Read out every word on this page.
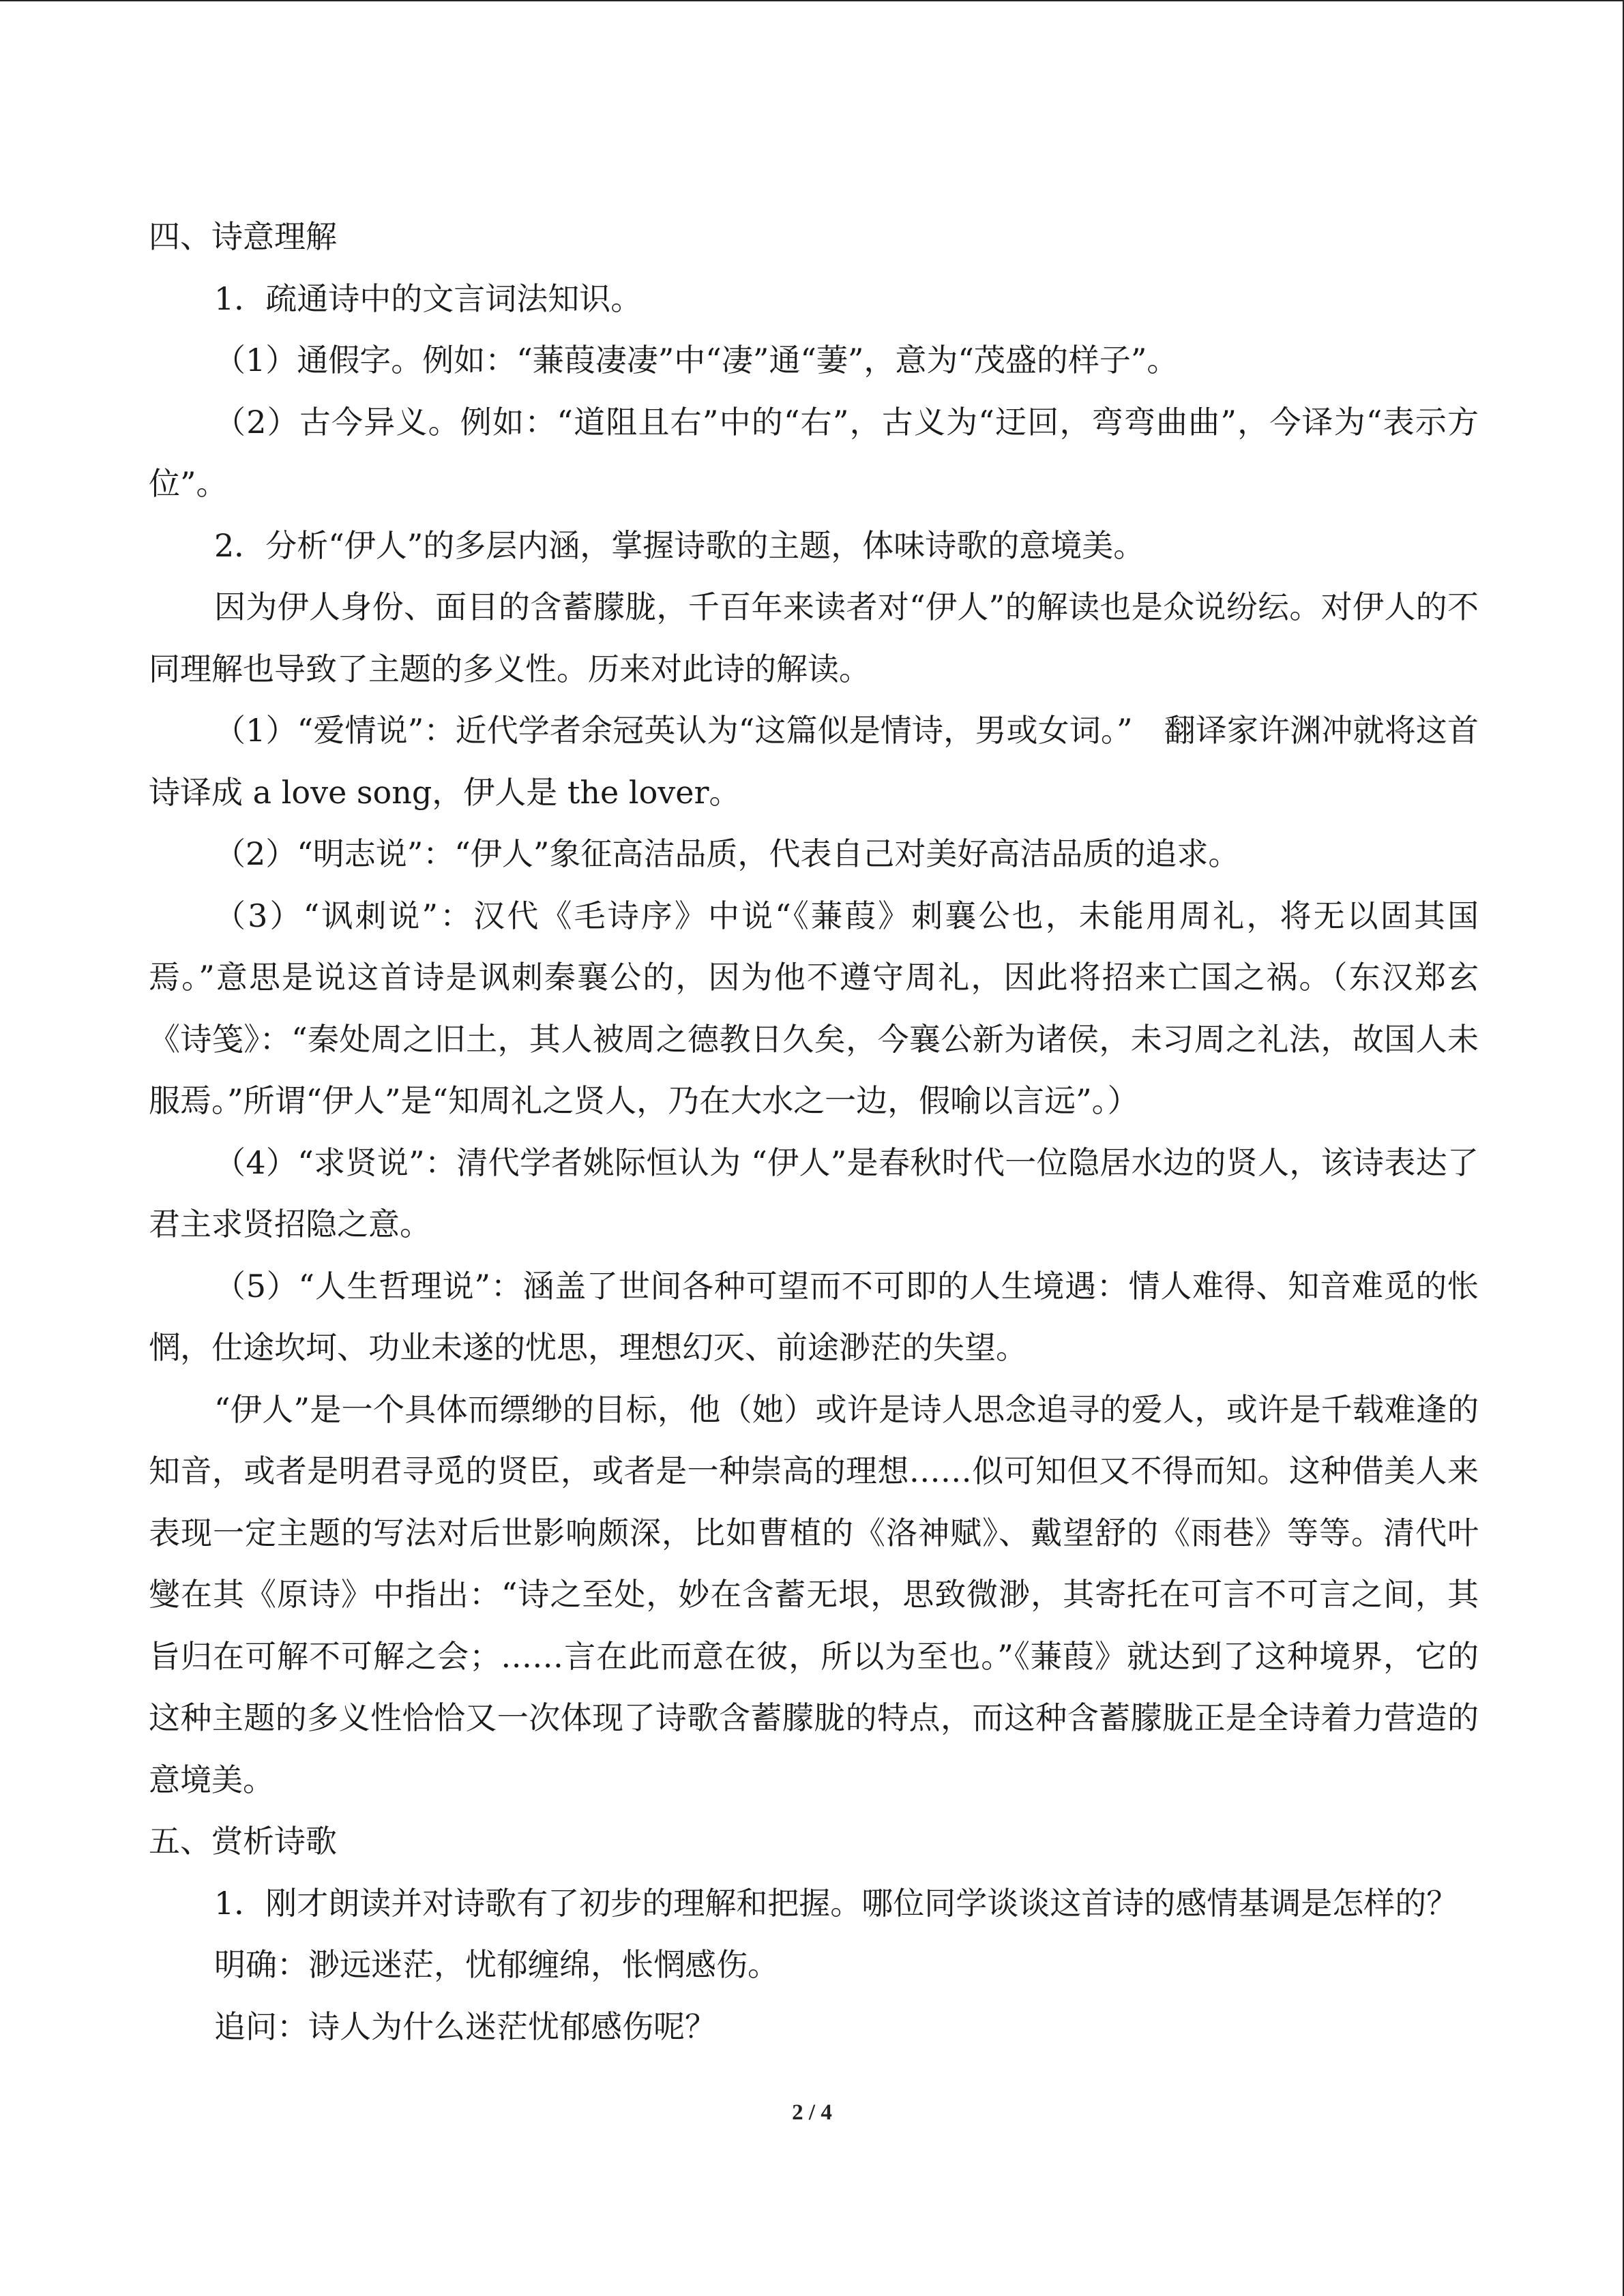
四、诗意理解

1．疏通诗中的文言词法知识。

（1）通假字。例如：“蒹葭凄凄”中“凄”通“萋”，意为“茂盛的样子”。

（2）古今异义。例如：“道阻且右”中的“右”，古义为“迂回，弯弯曲曲”，今译为“表示方位”。

2．分析“伊人”的多层内涵，掌握诗歌的主题，体味诗歌的意境美。

因为伊人身份、面目的含蓄朦胧，千百年来读者对“伊人”的解读也是众说纷纭。对伊人的不同理解也导致了主题的多义性。历来对此诗的解读。

（1）“爱情说”：近代学者余冠英认为“这篇似是情诗，男或女词。”　翻译家许渊冲就将这首诗译成 a love song，伊人是 the lover。

（2）“明志说”：“伊人”象征高洁品质，代表自己对美好高洁品质的追求。

（3）“讽刺说”：汉代《毛诗序》中说“《蒹葭》刺襄公也，未能用周礼，将无以固其国焉。”意思是说这首诗是讽刺秦襄公的，因为他不遵守周礼，因此将招来亡国之祸。（东汉郑玄《诗笺》：“秦处周之旧土，其人被周之德教日久矣，今襄公新为诸侯，未习周之礼法，故国人未服焉。”所谓“伊人”是“知周礼之贤人，乃在大水之一边，假喻以言远”。）

（4）“求贤说”：清代学者姚际恒认为 “伊人”是春秋时代一位隐居水边的贤人，该诗表达了君主求贤招隐之意。

（5）“人生哲理说”：涵盖了世间各种可望而不可即的人生境遇：情人难得、知音难觅的怅惘，仕途坎坷、功业未遂的忧思，理想幻灭、前途渺茫的失望。

“伊人”是一个具体而缥缈的目标，他（她）或许是诗人思念追寻的爱人，或许是千载难逢的知音，或者是明君寻觅的贤臣，或者是一种崇高的理想……似可知但又不得而知。这种借美人来表现一定主题的写法对后世影响颇深，比如曹植的《洛神赋》、戴望舒的《雨巷》等等。清代叶燮在其《原诗》中指出：“诗之至处，妙在含蓄无垠，思致微渺，其寄托在可言不可言之间，其旨归在可解不可解之会；……言在此而意在彼，所以为至也。”《蒹葭》就达到了这种境界，它的这种主题的多义性恰恰又一次体现了诗歌含蓄朦胧的特点，而这种含蓄朦胧正是全诗着力营造的意境美。

五、赏析诗歌

1．刚才朗读并对诗歌有了初步的理解和把握。哪位同学谈谈这首诗的感情基调是怎样的？

明确：渺远迷茫，忧郁缠绵，怅惘感伤。

追问：诗人为什么迷茫忧郁感伤呢？

2 / 4
